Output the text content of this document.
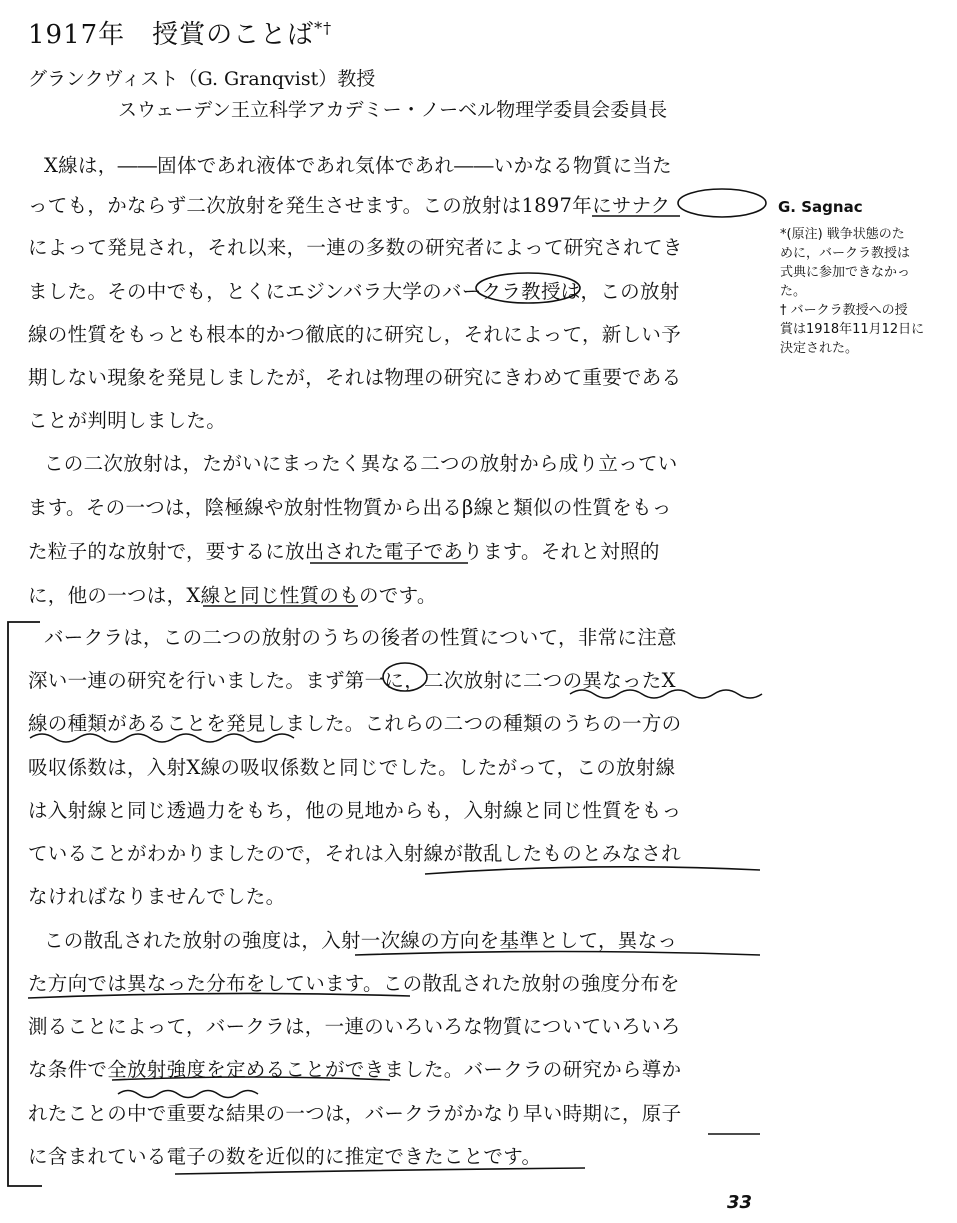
1917年　授賞のことば*†
グランクヴィスト（G. Granqvist）教授
スウェーデン王立科学アカデミー・ノーベル物理学委員会委員長
X線は，――固体であれ液体であれ気体であれ――いかなる物質に当た
っても，かならず二次放射を発生させます。この放射は1897年にサナク
によって発見され，それ以来，一連の多数の研究者によって研究されてき
ました。その中でも，とくにエジンバラ大学のバークラ教授は，この放射
線の性質をもっとも根本的かつ徹底的に研究し，それによって，新しい予
期しない現象を発見しましたが，それは物理の研究にきわめて重要である
ことが判明しました。
この二次放射は，たがいにまったく異なる二つの放射から成り立ってい
ます。その一つは，陰極線や放射性物質から出るβ線と類似の性質をもっ
た粒子的な放射で，要するに放出された電子であります。それと対照的
に，他の一つは，X線と同じ性質のものです。
バークラは，この二つの放射のうちの後者の性質について，非常に注意
深い一連の研究を行いました。まず第一に，二次放射に二つの異なったX
線の種類があることを発見しました。これらの二つの種類のうちの一方の
吸収係数は，入射X線の吸収係数と同じでした。したがって，この放射線
は入射線と同じ透過力をもち，他の見地からも，入射線と同じ性質をもっ
ていることがわかりましたので，それは入射線が散乱したものとみなされ
なければなりませんでした。
この散乱された放射の強度は，入射一次線の方向を基準として，異なっ
た方向では異なった分布をしています。この散乱された放射の強度分布を
測ることによって，バークラは，一連のいろいろな物質についていろいろ
な条件で全放射強度を定めることができました。バークラの研究から導か
れたことの中で重要な結果の一つは，バークラがかなり早い時期に，原子
に含まれている電子の数を近似的に推定できたことです。
G. Sagnac
*(原注) 戦争状態のた
めに，バークラ教授は
式典に参加できなかっ
た。
† バークラ教授への授
賞は1918年11月12日に
決定された。
33
